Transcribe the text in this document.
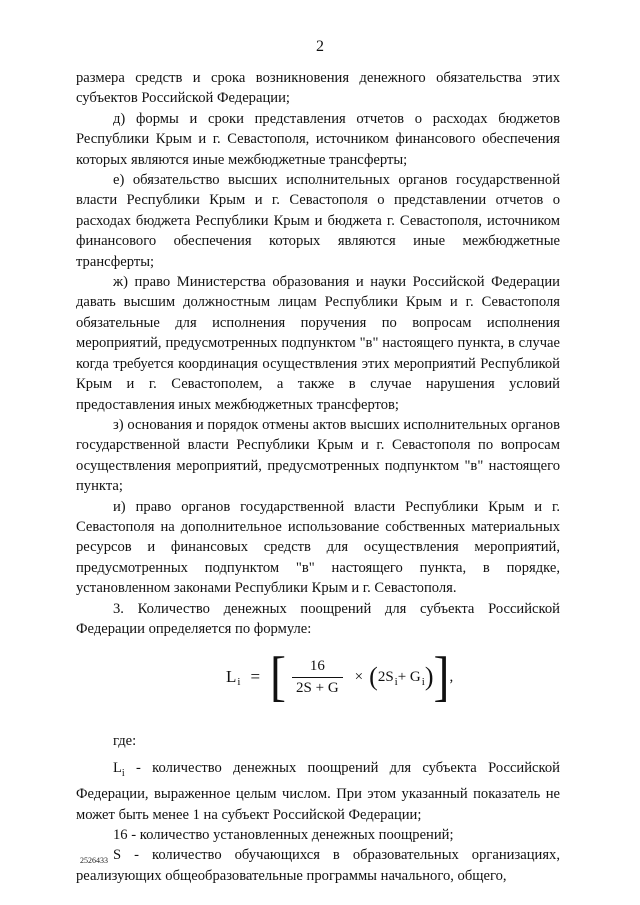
2

размера средств и срока возникновения денежного обязательства этих субъектов Российской Федерации;

д) формы и сроки представления отчетов о расходах бюджетов Республики Крым и г. Севастополя, источником финансового обеспечения которых являются иные межбюджетные трансферты;

е) обязательство высших исполнительных органов государственной власти Республики Крым и г. Севастополя о представлении отчетов о расходах бюджета Республики Крым и бюджета г. Севастополя, источником финансового обеспечения которых являются иные межбюджетные трансферты;

ж) право Министерства образования и науки Российской Федерации давать высшим должностным лицам Республики Крым и г. Севастополя обязательные для исполнения поручения по вопросам исполнения мероприятий, предусмотренных подпунктом "в" настоящего пункта, в случае когда требуется координация осуществления этих мероприятий Республикой Крым и г. Севастополем, а также в случае нарушения условий предоставления иных межбюджетных трансфертов;

з) основания и порядок отмены актов высших исполнительных органов государственной власти Республики Крым и г. Севастополя по вопросам осуществления мероприятий, предусмотренных подпунктом "в" настоящего пункта;

и) право органов государственной власти Республики Крым и г. Севастополя на дополнительное использование собственных материальных ресурсов и финансовых средств для осуществления мероприятий, предусмотренных подпунктом "в" настоящего пункта, в порядке, установленном законами Республики Крым и г. Севастополя.

3. Количество денежных поощрений для субъекта Российской Федерации определяется по формуле:

L i = [ $\frac{16}{2S + G}$ × ( 2S i + G i ) ] ,

где:

$L_i$ - количество денежных поощрений для субъекта Российской Федерации, выраженное целым числом. При этом указанный показатель не может быть менее 1 на субъект Российской Федерации;

16 - количество установленных денежных поощрений;

S - количество обучающихся в образовательных организациях, реализующих общеобразовательные программы начального, общего,

2526433
